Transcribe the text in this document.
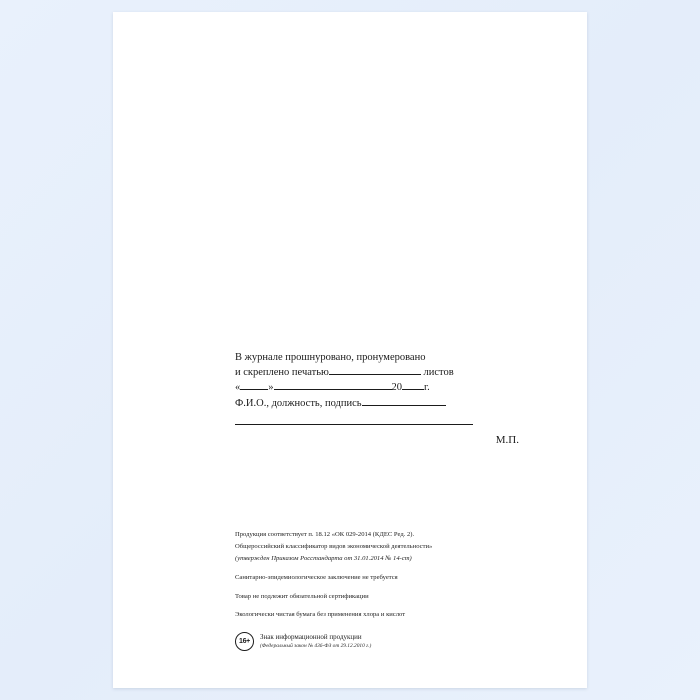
В журнале прошнуровано, пронумеровано
и скреплено печатью	листов
«	»	20 г.
Ф.И.О., должность, подпись
М.П.

Продукция соответствует п. 18.12 «ОК 029-2014 (КДЕС Ред. 2).

Общероссийский классификатор видов экономической деятельности»

(утвержден Приказом Росстандарта от 31.01.2014 № 14-ст)

Санитарно-эпидемиологическое заключение не требуется

Товар не подлежит обязательной сертификации

Экологически чистая бумага без применения хлора и кислот

16+
Знак информационной продукции
(Федеральный закон № 436-ФЗ от 29.12.2010 г.)
